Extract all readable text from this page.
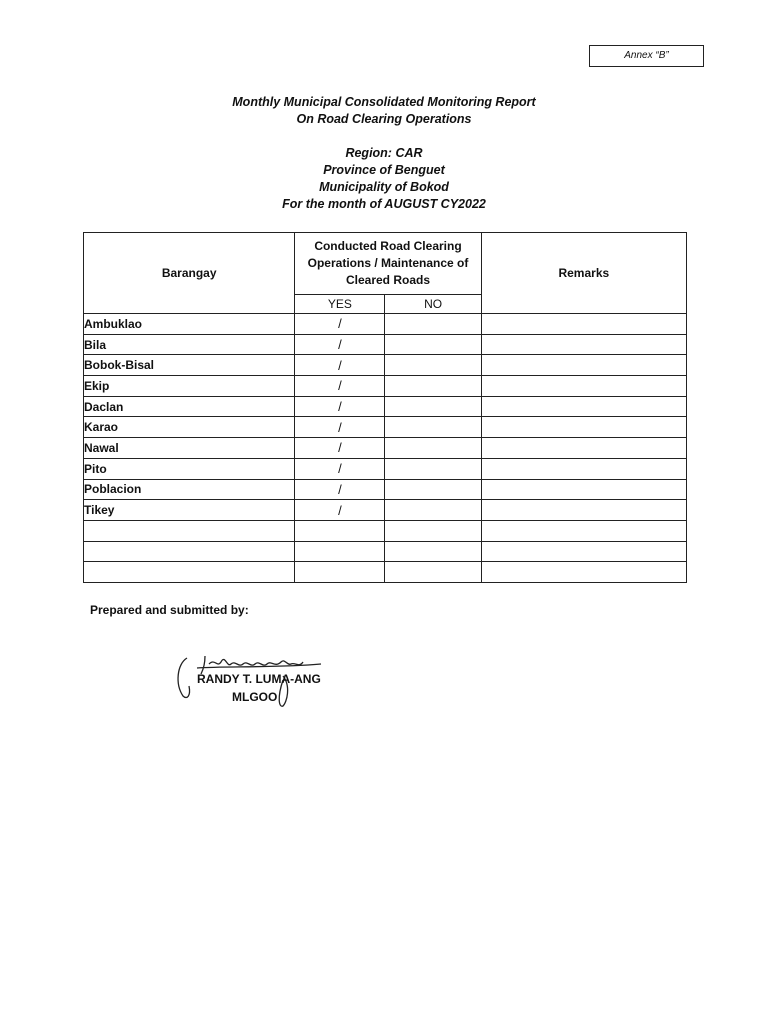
Annex “B”
Monthly Municipal Consolidated Monitoring Report
On Road Clearing Operations
Region: CAR
Province of Benguet
Municipality of Bokod
For the month of AUGUST CY2022
Barangay	Conducted Road Clearing Operations / Maintenance of Cleared Roads		Remarks
	YES	NO	
Ambuklao	/		
Bila	/		
Bobok-Bisal	/		
Ekip	/		
Daclan	/		
Karao	/		
Nawal	/		
Pito	/		
Poblacion	/		
Tikey	/		

Prepared and submitted by:
RANDY T. LUMA-ANG
MLGOO
